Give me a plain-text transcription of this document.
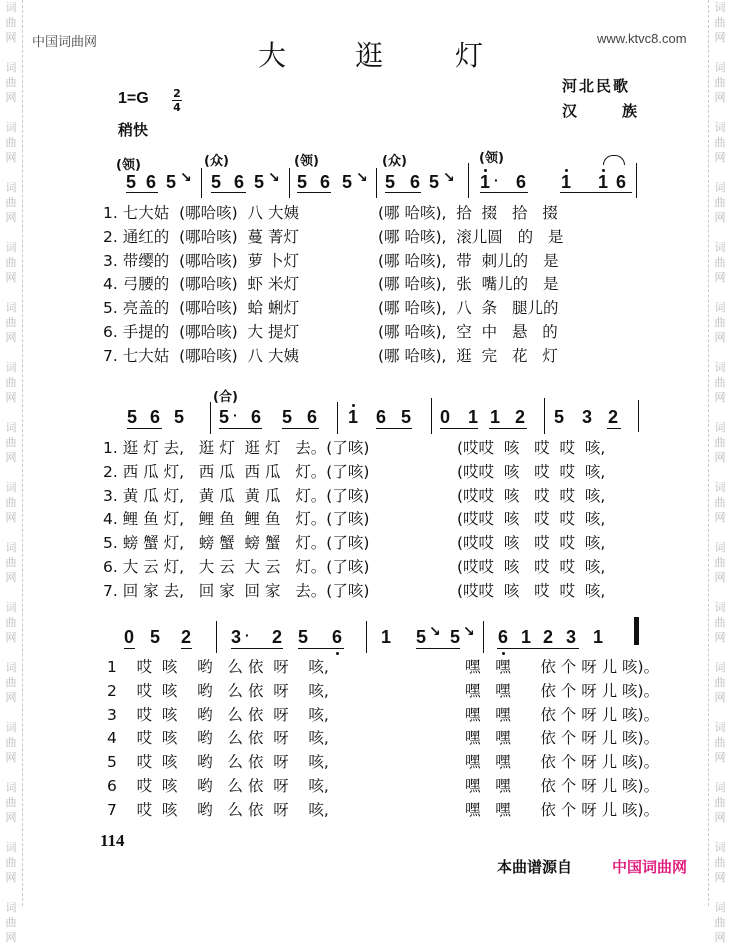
词
曲
网
词
曲
网
词
曲
网
词
曲
网
词
曲
网
词
曲
网
词
曲
网
词
曲
网
词
曲
网
词
曲
网
词
曲
网
词
曲
网
词
曲
网
词
曲
网
词
曲
网
词
曲
网
词
曲
网
词
曲
网
词
曲
网
词
曲
网
词
曲
网
词
曲
网
词
曲
网
词
曲
网
词
曲
网
词
曲
网
词
曲
网
词
曲
网
词
曲
网
词
曲
网
词
曲
网
词
曲
网
中国词曲网	www.ktvc8.com
大 逛	灯
河北民歌
汉	族
1=G 2
4
稍快
(领)	(众)	(领)	(众)	(领)
5 6 5 ↘ 5 6 5 ↘ 5 6 5 ↘ 5 6 5 ↘ 1 · 6 1 1 6
1. 七大姑  (哪哈咳)  八 大姨	(哪 哈咳),  拾  掇   拾   掇
2. 通红的  (哪哈咳)  蔓 菁灯	(哪 哈咳),  滚儿圆   的   是
3. 带缨的  (哪哈咳)  萝 卜灯	(哪 哈咳),  带  刺儿的   是
4. 弓腰的  (哪哈咳)  虾 米灯	(哪 哈咳),  张  嘴儿的   是
5. 亮盖的  (哪哈咳)  蛤 蜊灯	(哪 哈咳),  八  条   腿儿的
6. 手提的  (哪哈咳)  大 提灯	(哪 哈咳),  空  中   悬   的
7. 七大姑  (哪哈咳)  八 大姨	(哪 哈咳),  逛  完   花   灯
(合)
5 6 5 5 · 6 5 6 1 6 5 0 1 1 2 5 3 2
1. 逛 灯 去,   逛 灯  逛 灯   去。(了咳)	(哎哎  咳   哎  哎  咳,
2. 西 瓜 灯,   西 瓜  西 瓜   灯。(了咳)	(哎哎  咳   哎  哎  咳,
3. 黄 瓜 灯,   黄 瓜  黄 瓜   灯。(了咳)	(哎哎  咳   哎  哎  咳,
4. 鲤 鱼 灯,   鲤 鱼  鲤 鱼   灯。(了咳)	(哎哎  咳   哎  哎  咳,
5. 螃 蟹 灯,   螃 蟹  螃 蟹   灯。(了咳)	(哎哎  咳   哎  哎  咳,
6. 大 云 灯,   大 云  大 云   灯。(了咳)	(哎哎  咳   哎  哎  咳,
7. 回 家 去,   回 家  回 家   去。(了咳)	(哎哎  咳   哎  哎  咳,
0 5 2 3 · 2 5 6 1 5 ↘ 5 ↘ 6 1 2 3 1
1    哎  咳    哟   么 依  呀    咳,	嘿   嘿      依 个 呀 儿 咳)。
2    哎  咳    哟   么 依  呀    咳,	嘿   嘿      依 个 呀 儿 咳)。
3    哎  咳    哟   么 依  呀    咳,	嘿   嘿      依 个 呀 儿 咳)。
4    哎  咳    哟   么 依  呀    咳,	嘿   嘿      依 个 呀 儿 咳)。
5    哎  咳    哟   么 依  呀    咳,	嘿   嘿      依 个 呀 儿 咳)。
6    哎  咳    哟   么 依  呀    咳,	嘿   嘿      依 个 呀 儿 咳)。
7    哎  咳    哟   么 依  呀    咳,	嘿   嘿      依 个 呀 儿 咳)。
114
本曲谱源自	中国词曲网
